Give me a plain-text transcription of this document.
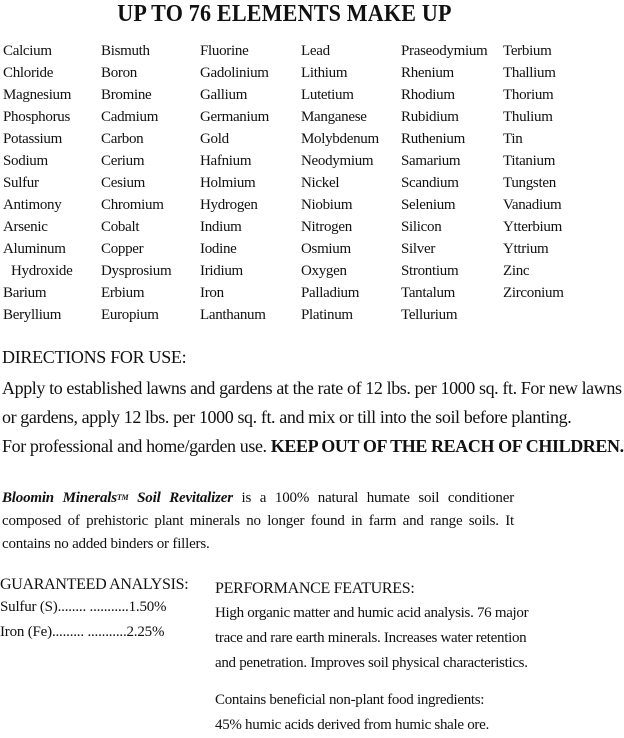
UP TO 76 ELEMENTS MAKE UP
Calcium
Chloride
Magnesium
Phosphorus
Potassium
Sodium
Sulfur
Antimony
Arsenic
Aluminum
Hydroxide
Barium
Beryllium
Bismuth
Boron
Bromine
Cadmium
Carbon
Cerium
Cesium
Chromium
Cobalt
Copper
Dysprosium
Erbium
Europium
Fluorine
Gadolinium
Gallium
Germanium
Gold
Hafnium
Holmium
Hydrogen
Indium
Iodine
Iridium
Iron
Lanthanum
Lead
Lithium
Lutetium
Manganese
Molybdenum
Neodymium
Nickel
Niobium
Nitrogen
Osmium
Oxygen
Palladium
Platinum
Praseodymium
Rhenium
Rhodium
Rubidium
Ruthenium
Samarium
Scandium
Selenium
Silicon
Silver
Strontium
Tantalum
Tellurium
Terbium
Thallium
Thorium
Thulium
Tin
Titanium
Tungsten
Vanadium
Ytterbium
Yttrium
Zinc
Zirconium
DIRECTIONS FOR USE:
Apply to established lawns and gardens at the rate of 12 lbs. per 1000 sq. ft. For new lawns
or gardens, apply 12 lbs. per 1000 sq. ft. and mix or till into the soil before planting.
For professional and home/garden use. KEEP OUT OF THE REACH OF CHILDREN.
Bloomin Minerals™ Soil Revitalizer is a 100% natural humate soil conditioner composed of prehistoric plant minerals no longer found in farm and range soils. It contains no added binders or fillers.
GUARANTEED ANALYSIS:
Sulfur (S)........ ...........1.50%
Iron (Fe)......... ...........2.25%
PERFORMANCE FEATURES:
High organic matter and humic acid analysis. 76 major
trace and rare earth minerals. Increases water retention
and penetration. Improves soil physical characteristics.
Contains beneficial non-plant food ingredients:
45% humic acids derived from humic shale ore.
